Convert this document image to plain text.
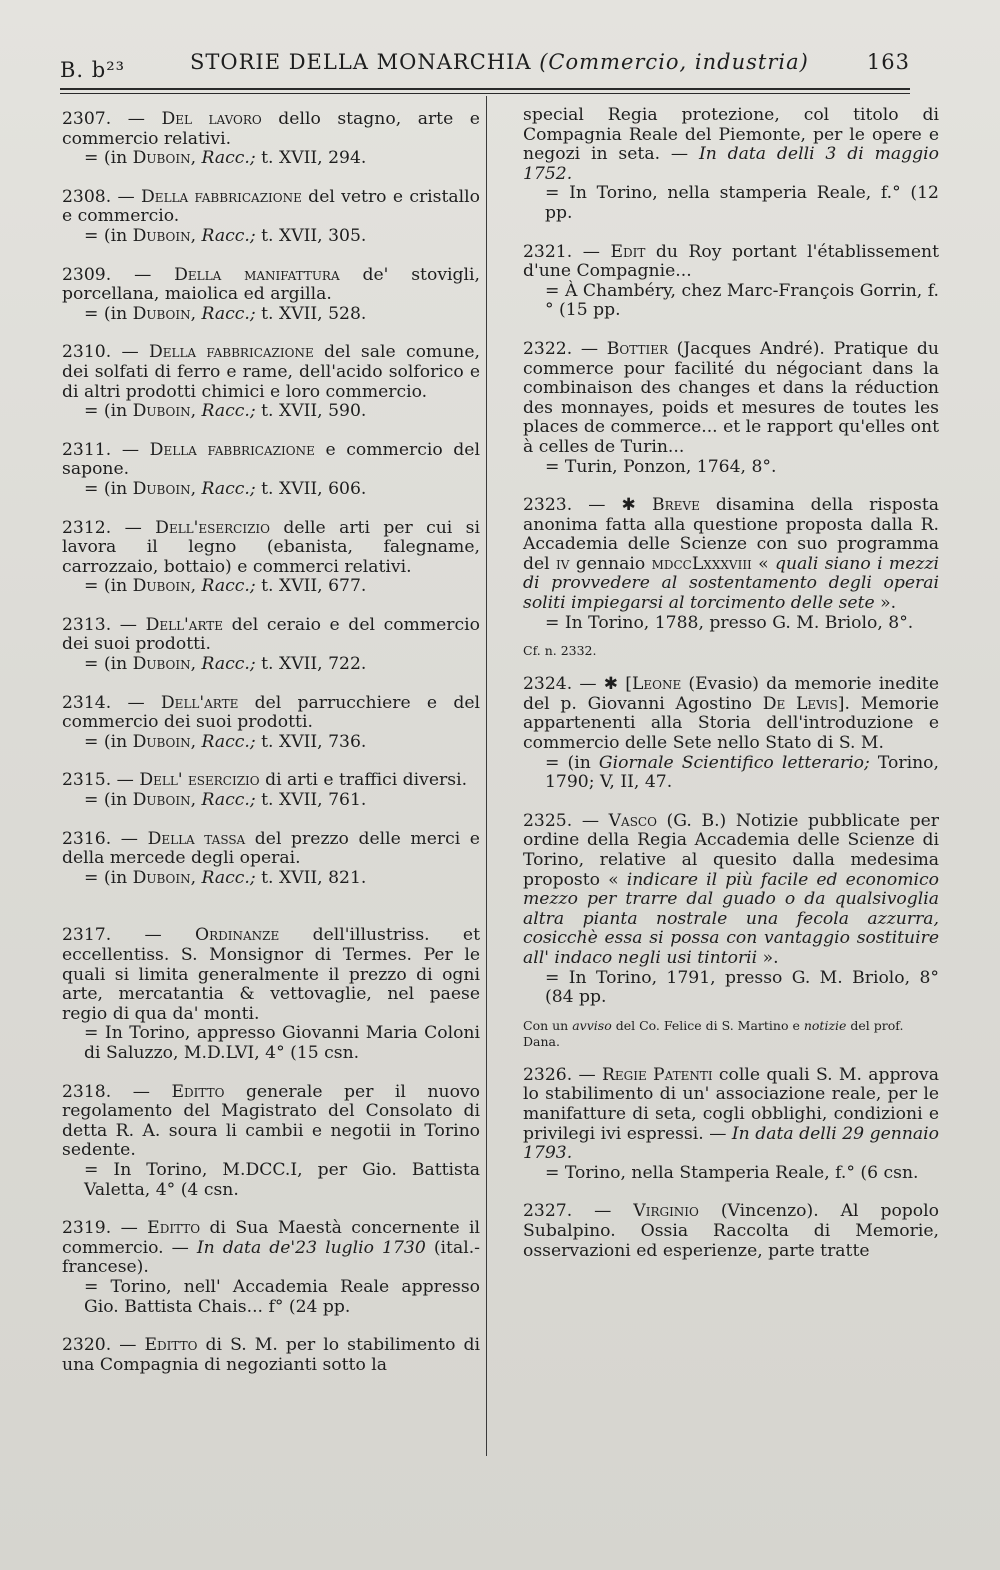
B. b²³	STORIE DELLA MONARCHIA (Commercio, industria)	163

2307. — Del lavoro dello stagno, arte e commercio relativi.

= (in Duboin, Racc.; t. XVII, 294.

2308. — Della fabbricazione del vetro e cristallo e commercio.

= (in Duboin, Racc.; t. XVII, 305.

2309. — Della manifattura de' stovigli, porcellana, maiolica ed argilla.

= (in Duboin, Racc.; t. XVII, 528.

2310. — Della fabbricazione del sale comune, dei solfati di ferro e rame, dell'acido solforico e di altri prodotti chimici e loro commercio.

= (in Duboin, Racc.; t. XVII, 590.

2311. — Della fabbricazione e commercio del sapone.

= (in Duboin, Racc.; t. XVII, 606.

2312. — Dell'esercizio delle arti per cui si lavora il legno (ebanista, falegname, carrozzaio, bottaio) e commerci relativi.

= (in Duboin, Racc.; t. XVII, 677.

2313. — Dell'arte del ceraio e del commercio dei suoi prodotti.

= (in Duboin, Racc.; t. XVII, 722.

2314. — Dell'arte del parrucchiere e del commercio dei suoi prodotti.

= (in Duboin, Racc.; t. XVII, 736.

2315. — Dell' esercizio di arti e traffici diversi.

= (in Duboin, Racc.; t. XVII, 761.

2316. — Della tassa del prezzo delle merci e della mercede degli operai.

= (in Duboin, Racc.; t. XVII, 821.

2317. — Ordinanze dell'illustriss. et eccellentiss. S. Monsignor di Termes. Per le quali si limita generalmente il prezzo di ogni arte, mercatantia & vettovaglie, nel paese regio di qua da' monti.

= In Torino, appresso Giovanni Maria Coloni di Saluzzo, M.D.LVI, 4° (15 csn.

2318. — Editto generale per il nuovo regolamento del Magistrato del Consolato di detta R. A. soura li cambii e negotii in Torino sedente.

= In Torino, M.DCC.I, per Gio. Battista Valetta, 4° (4 csn.

2319. — Editto di Sua Maestà concernente il commercio. — In data de'23 luglio 1730 (ital.-francese).

= Torino, nell' Accademia Reale appresso Gio. Battista Chais... f° (24 pp.

2320. — Editto di S. M. per lo stabilimento di una Compagnia di negozianti sotto la

special Regia protezione, col titolo di Compagnia Reale del Piemonte, per le opere e negozi in seta. — In data delli 3 di maggio 1752.

= In Torino, nella stamperia Reale, f.° (12 pp.

2321. — Edit du Roy portant l'établissement d'une Compagnie...

= À Chambéry, chez Marc-François Gorrin, f.° (15 pp.

2322. — Bottier (Jacques André). Pratique du commerce pour facilité du négociant dans la combinaison des changes et dans la réduction des monnayes, poids et mesures de toutes les places de commerce... et le rapport qu'elles ont à celles de Turin...

= Turin, Ponzon, 1764, 8°.

2323. — ✱ Breve disamina della risposta anonima fatta alla questione proposta dalla R. Accademia delle Scienze con suo programma del iv gennaio mdccLxxxviii « quali siano i mezzi di provvedere al sostentamento degli operai soliti impiegarsi al torcimento delle sete ».

= In Torino, 1788, presso G. M. Briolo, 8°.

Cf. n. 2332.

2324. — ✱ [Leone (Evasio) da memorie inedite del p. Giovanni Agostino De Levis]. Memorie appartenenti alla Storia dell'introduzione e commercio delle Sete nello Stato di S. M.

= (in Giornale Scientifico letterario; Torino, 1790; V, II, 47.

2325. — Vasco (G. B.) Notizie pubblicate per ordine della Regia Accademia delle Scienze di Torino, relative al quesito dalla medesima proposto « indicare il più facile ed economico mezzo per trarre dal guado o da qualsivoglia altra pianta nostrale una fecola azzurra, cosicchè essa si possa con vantaggio sostituire all' indaco negli usi tintorii ».

= In Torino, 1791, presso G. M. Briolo, 8° (84 pp.

Con un avviso del Co. Felice di S. Martino e notizie del prof. Dana.

2326. — Regie Patenti colle quali S. M. approva lo stabilimento di un' associazione reale, per le manifatture di seta, cogli obblighi, condizioni e privilegi ivi espressi. — In data delli 29 gennaio 1793.

= Torino, nella Stamperia Reale, f.° (6 csn.

2327. — Virginio (Vincenzo). Al popolo Subalpino. Ossia Raccolta di Memorie, osservazioni ed esperienze, parte tratte
